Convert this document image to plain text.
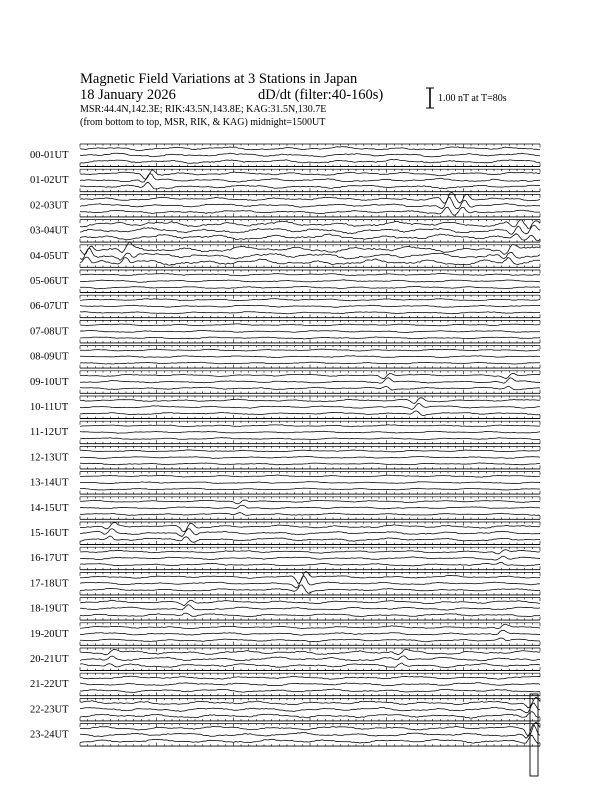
Magnetic Field Variations at 3 Stations in Japan
18 January 2026	dD/dt (filter:40-160s)
MSR:44.4N,142.3E; RIK:43.5N,143.8E; KAG:31.5N,130.7E
(from bottom to top, MSR, RIK, & KAG) midnight=1500UT
1.00 nT at T=80s
00-01UT
01-02UT
02-03UT
03-04UT
04-05UT
05-06UT
06-07UT
07-08UT
08-09UT
09-10UT
10-11UT
11-12UT
12-13UT
13-14UT
14-15UT
15-16UT
16-17UT
17-18UT
18-19UT
19-20UT
20-21UT
21-22UT
22-23UT
23-24UT
